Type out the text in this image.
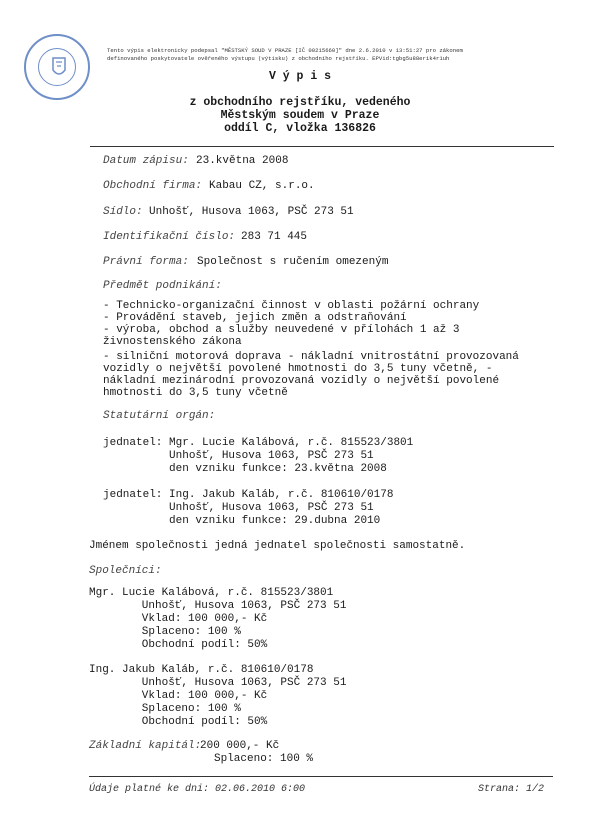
Tento výpis elektronicky podepsal "MĚSTSKÝ SOUD V PRAZE [IČ 00215660]" dne 2.6.2010 v 13:51:27 pro zákonem
definovaného poskytovatele ověřeného výstupu (výtisku) z obchodního rejstříku. EPVid:tgbg5u88erik4r1uh
V ý p i s
z obchodního rejstříku, vedeného
Městským soudem v Praze
oddíl C, vložka 136826
Datum zápisu: 23.května 2008
Obchodní firma: Kabau CZ, s.r.o.
Sídlo: Unhošť, Husova 1063, PSČ 273 51
Identifikační číslo: 283 71 445
Právní forma: Společnost s ručením omezeným
Předmět podnikání:
- Technicko-organizační činnost v oblasti požární ochrany
- Provádění staveb, jejich změn a odstraňování
- výroba, obchod a služby neuvedené v přílohách 1 až 3
živnostenského zákona
- silniční motorová doprava - nákladní vnitrostátní provozovaná
vozidly o největší povolené hmotnosti do 3,5 tuny včetně, -
nákladní mezinárodní provozovaná vozidly o největší povolené
hmotnosti do 3,5 tuny včetně
Statutární orgán:
jednatel: Mgr. Lucie Kalábová, r.č. 815523/3801
Unhošť, Husova 1063, PSČ 273 51
den vzniku funkce: 23.května 2008
jednatel: Ing. Jakub Kaláb, r.č. 810610/0178
Unhošť, Husova 1063, PSČ 273 51
den vzniku funkce: 29.dubna 2010
Jménem společnosti jedná jednatel společnosti samostatně.
Společníci:
Mgr. Lucie Kalábová, r.č. 815523/3801
Unhošť, Husova 1063, PSČ 273 51
Vklad: 100 000,- Kč
Splaceno: 100 %
Obchodní podíl: 50%
Ing. Jakub Kaláb, r.č. 810610/0178
Unhošť, Husova 1063, PSČ 273 51
Vklad: 100 000,- Kč
Splaceno: 100 %
Obchodní podíl: 50%
Základní kapitál:
200 000,- Kč
Splaceno: 100 %
Údaje platné ke dni: 02.06.2010 6:00	Strana: 1/2
